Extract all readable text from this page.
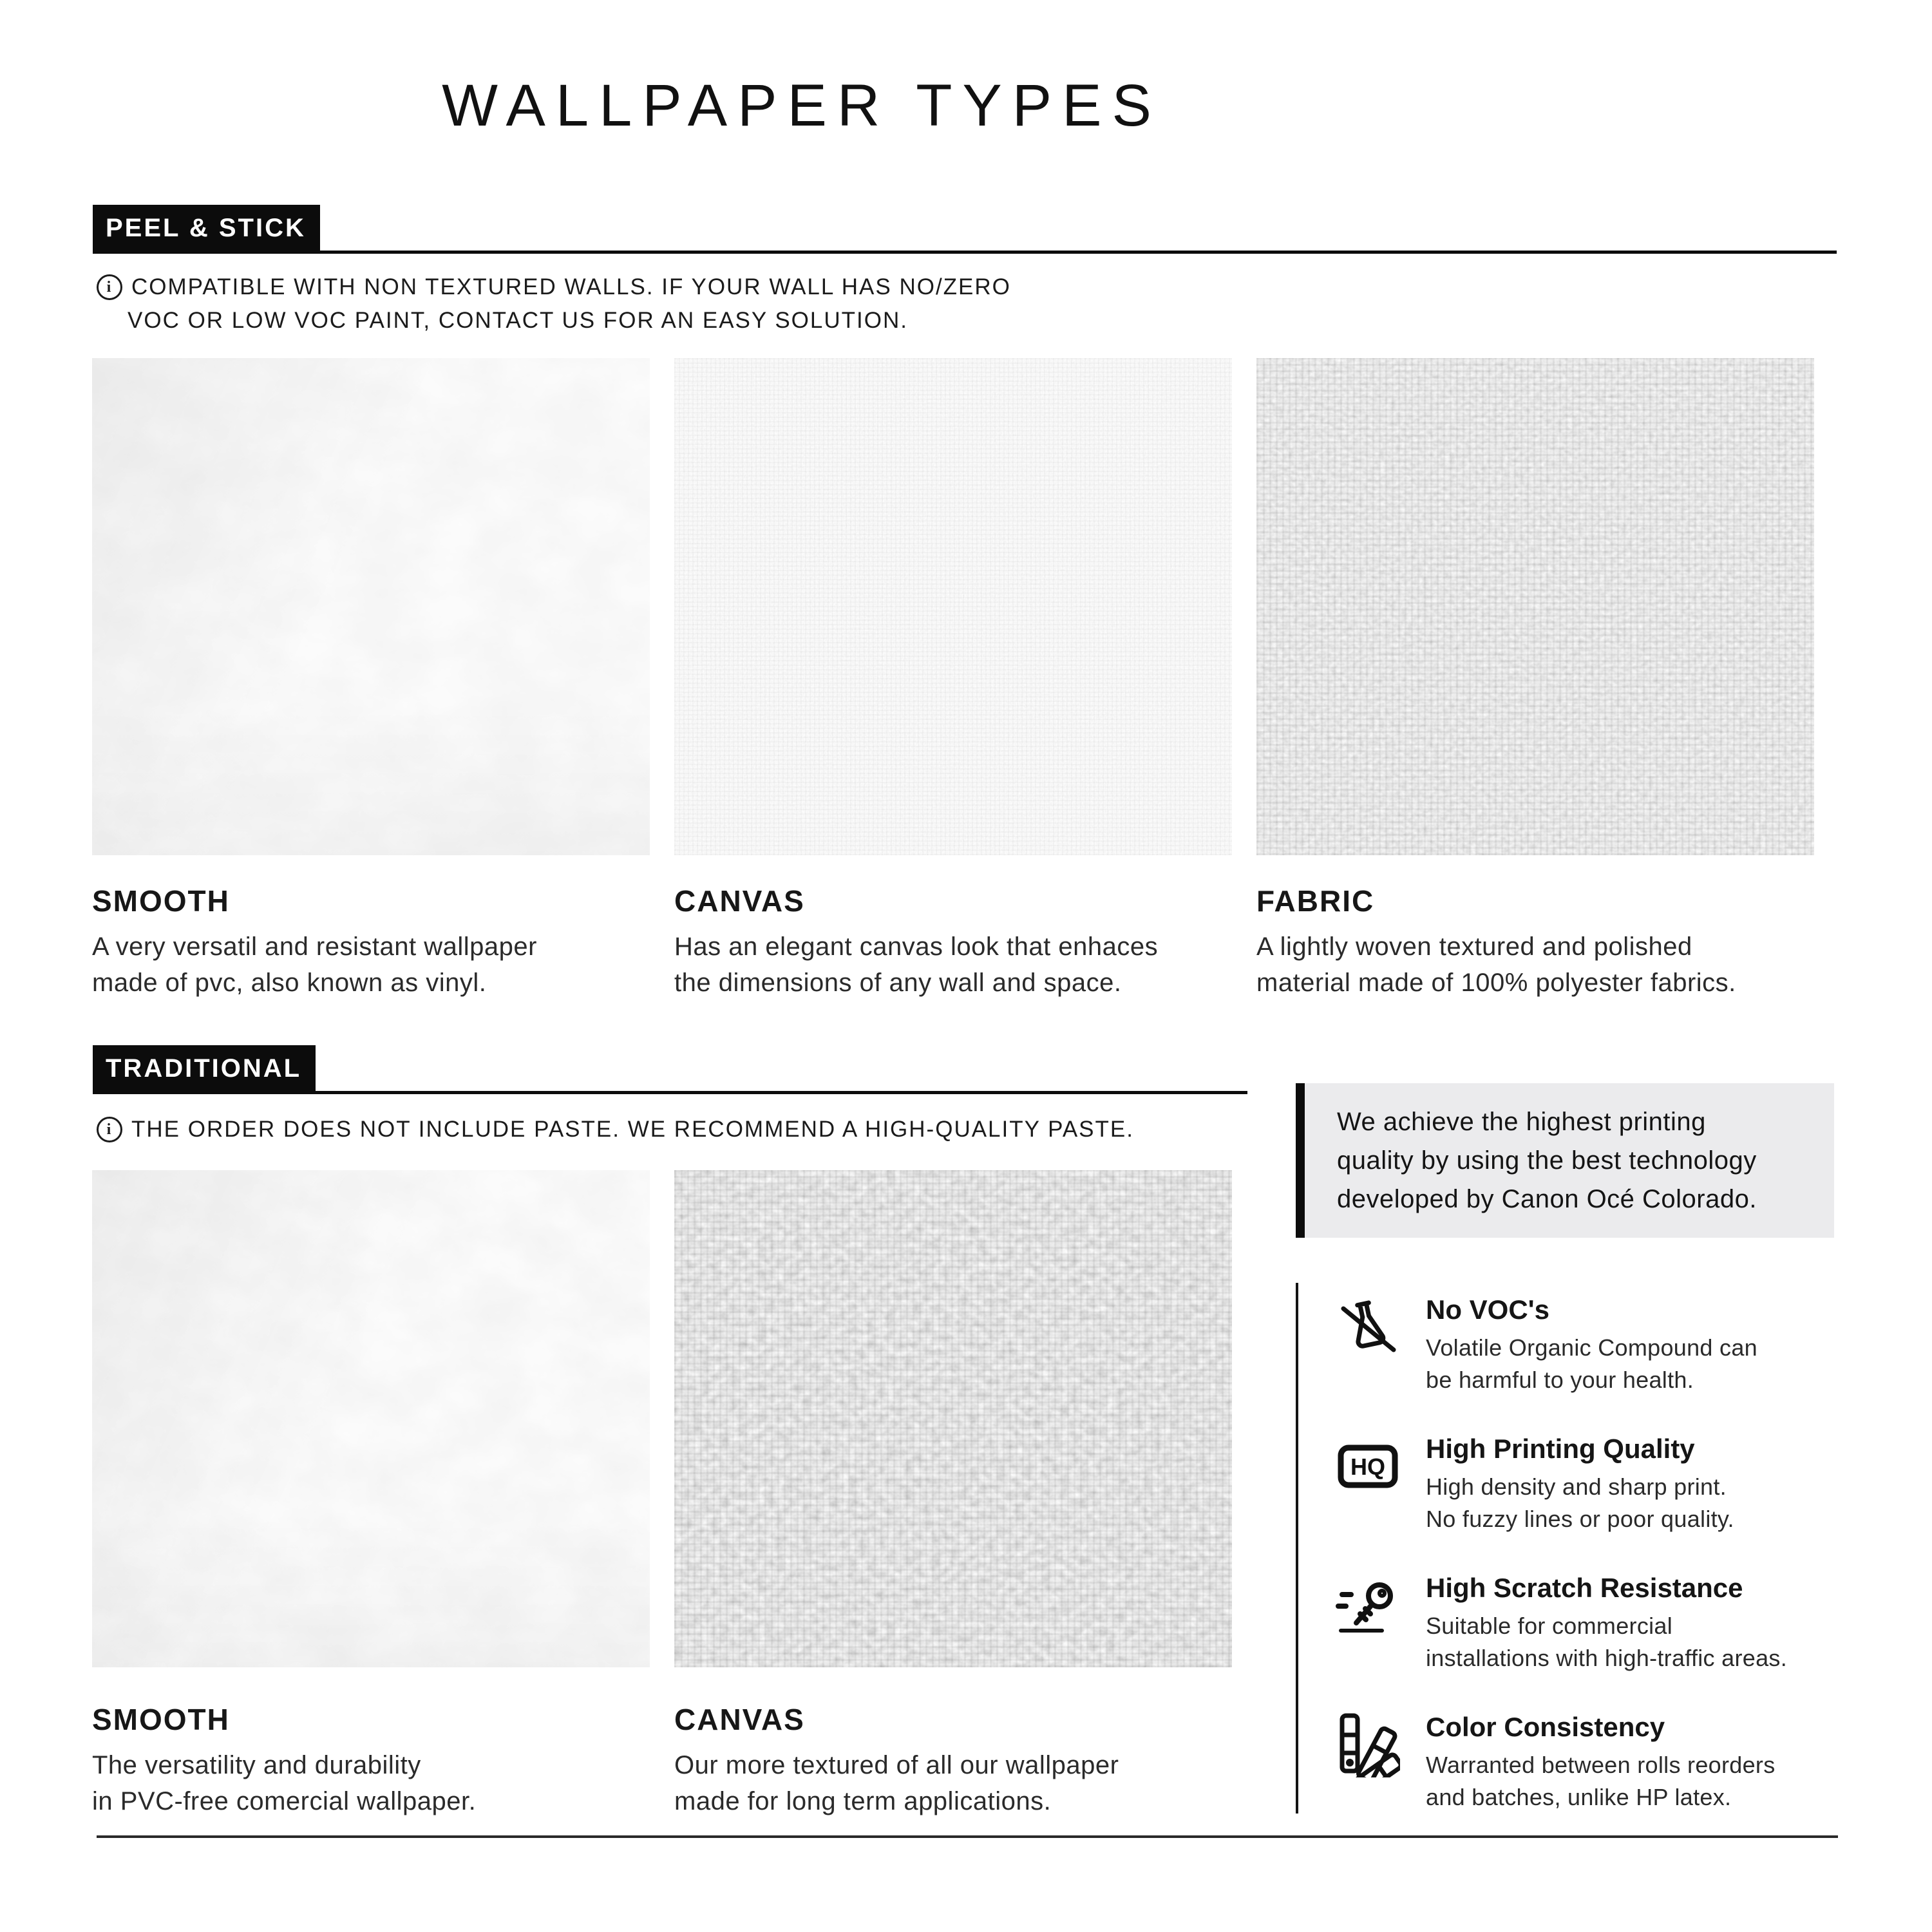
WALLPAPER TYPES
PEEL & STICK
i COMPATIBLE WITH NON TEXTURED WALLS. IF YOUR WALL HAS NO/ZERO
VOC OR LOW VOC PAINT, CONTACT US FOR AN EASY SOLUTION.
SMOOTH
A very versatil and resistant wallpaper
made of pvc, also known as vinyl.
CANVAS
Has an elegant canvas look that enhaces
the dimensions of any wall and space.
FABRIC
A lightly woven textured and polished
material made of 100% polyester fabrics.
TRADITIONAL
i THE ORDER DOES NOT INCLUDE PASTE. WE RECOMMEND A HIGH-QUALITY PASTE.
SMOOTH
The versatility and durability
in PVC-free comercial wallpaper.
CANVAS
Our more textured of all our wallpaper
made for long term applications.
We achieve the highest printing
quality by using the best technology
developed by Canon Océ Colorado.
No VOC's
Volatile Organic Compound can
be harmful to your health.
HQ
High Printing Quality
High density and sharp print.
No fuzzy lines or poor quality.
High Scratch Resistance
Suitable for commercial
installations with high-traffic areas.
Color Consistency
Warranted between rolls reorders
and batches, unlike HP latex.
